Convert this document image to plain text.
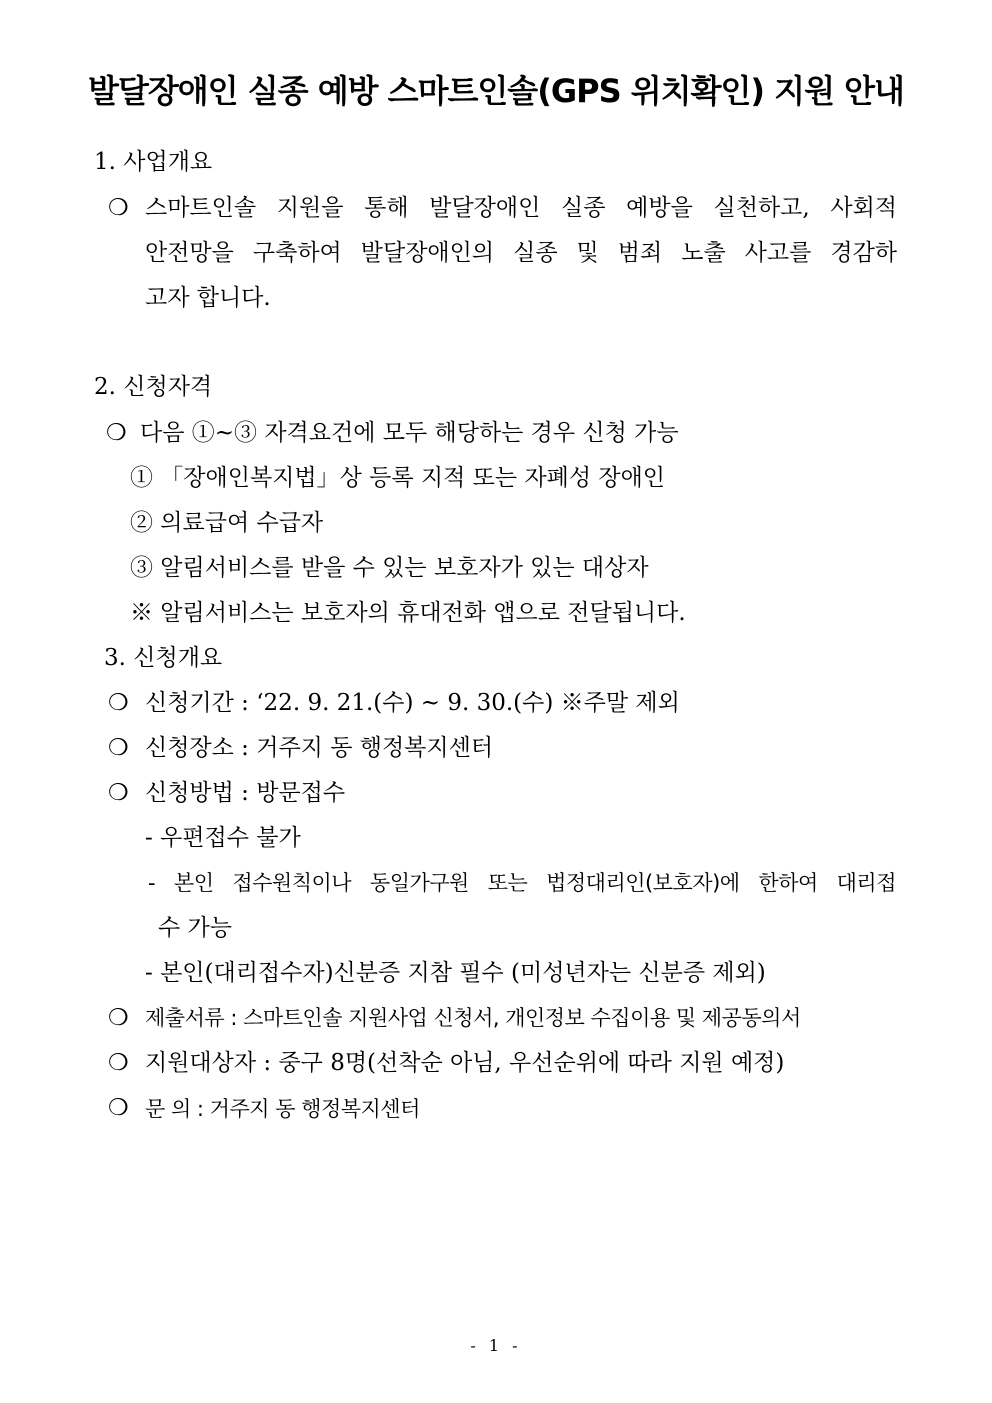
발달장애인 실종 예방 스마트인솔(GPS 위치확인) 지원 안내
1. 사업개요
❍ 스마트인솔 지원을 통해 발달장애인 실종 예방을 실천하고, 사회적
안전망을 구축하여 발달장애인의 실종 및 범죄 노출 사고를 경감하
고자 합니다.
2. 신청자격
❍ 다음 ①~③ 자격요건에 모두 해당하는 경우 신청 가능
① 「장애인복지법」상 등록 지적 또는 자폐성 장애인
② 의료급여 수급자
③ 알림서비스를 받을 수 있는 보호자가 있는 대상자
※ 알림서비스는 보호자의 휴대전화 앱으로 전달됩니다.
3. 신청개요
❍ 신청기간 : ‘22. 9. 21.(수) ~ 9. 30.(수) ※주말 제외
❍ 신청장소 : 거주지 동 행정복지센터
❍ 신청방법 : 방문접수
- 우편접수 불가
- 본인 접수원칙이나 동일가구원 또는 법정대리인(보호자)에 한하여 대리접
수 가능
- 본인(대리접수자)신분증 지참 필수 (미성년자는 신분증 제외)
❍ 제출서류 : 스마트인솔 지원사업 신청서, 개인정보 수집이용 및 제공동의서
❍ 지원대상자 : 중구 8명(선착순 아님, 우선순위에 따라 지원 예정)
❍ 문 의 : 거주지 동 행정복지센터
- 1 -
